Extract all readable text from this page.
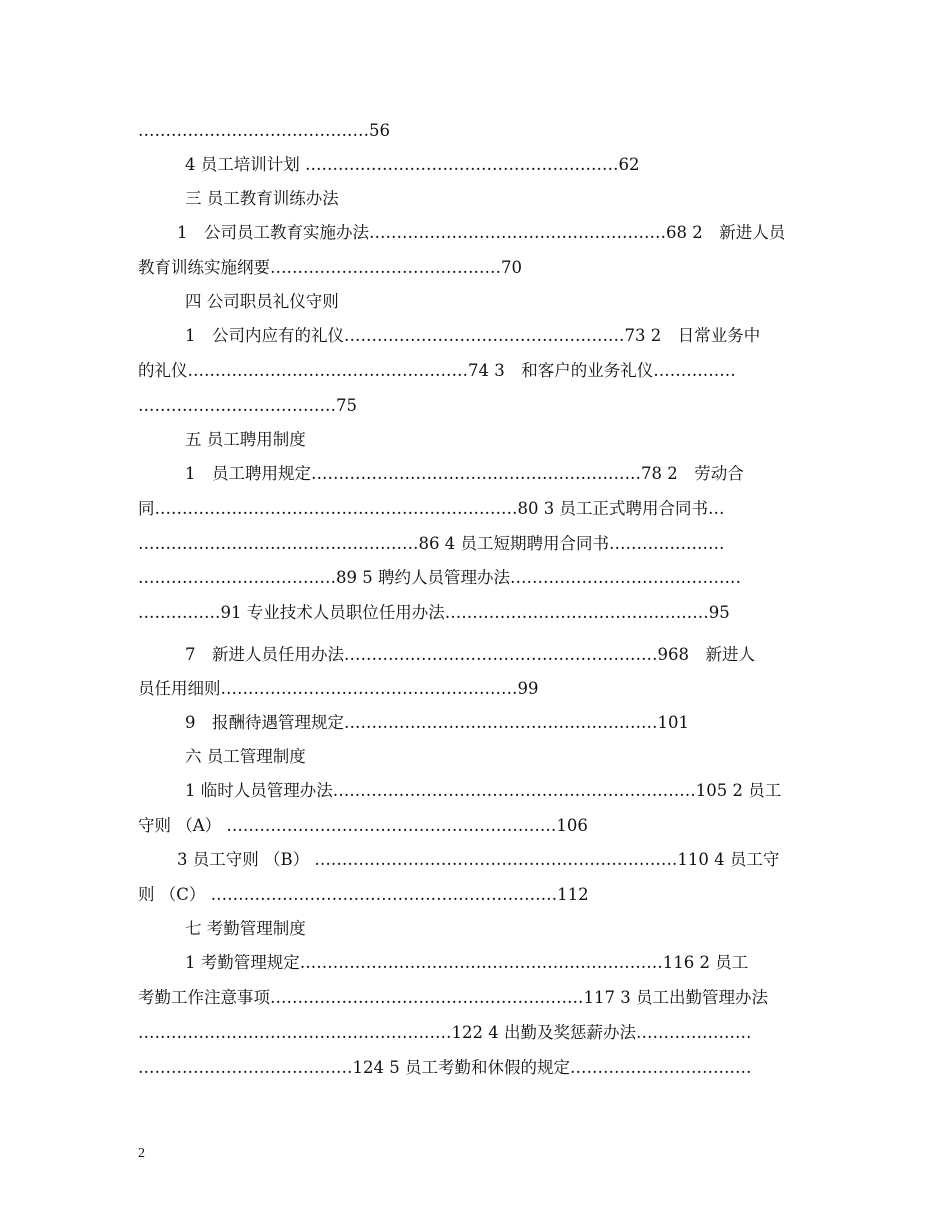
……………………………………56
4 员工培训计划 …………………………………………………62
三 员工教育训练办法
1　公司员工教育实施办法………………………………………………68 2　新进人员
教育训练实施纲要……………………………………70
四 公司职员礼仪守则
1　公司内应有的礼仪……………………………………………73 2　日常业务中
的礼仪……………………………………………74 3　和客户的业务礼仪……………
………………………………75
五 员工聘用制度
1　员工聘用规定……………………………………………………78 2　劳动合
同…………………………………………………………80 3 员工正式聘用合同书…
……………………………………………86 4 员工短期聘用合同书…………………
………………………………89 5 聘约人员管理办法……………………………………
……………91 专业技术人员职位任用办法…………………………………………95
7　新进人员任用办法…………………………………………………968　新进人
员任用细则………………………………………………99
9　报酬待遇管理规定…………………………………………………101
六 员工管理制度
1 临时人员管理办法…………………………………………………………105 2 员工
守则 （A） ……………………………………………………106
3 员工守则 （B） …………………………………………………………110 4 员工守
则 （C） ………………………………………………………112
七 考勤管理制度
1 考勤管理规定…………………………………………………………116 2 员工
考勤工作注意事项…………………………………………………117 3 员工出勤管理办法
…………………………………………………122 4 出勤及奖惩薪办法…………………
…………………………………124 5 员工考勤和休假的规定……………………………
2
